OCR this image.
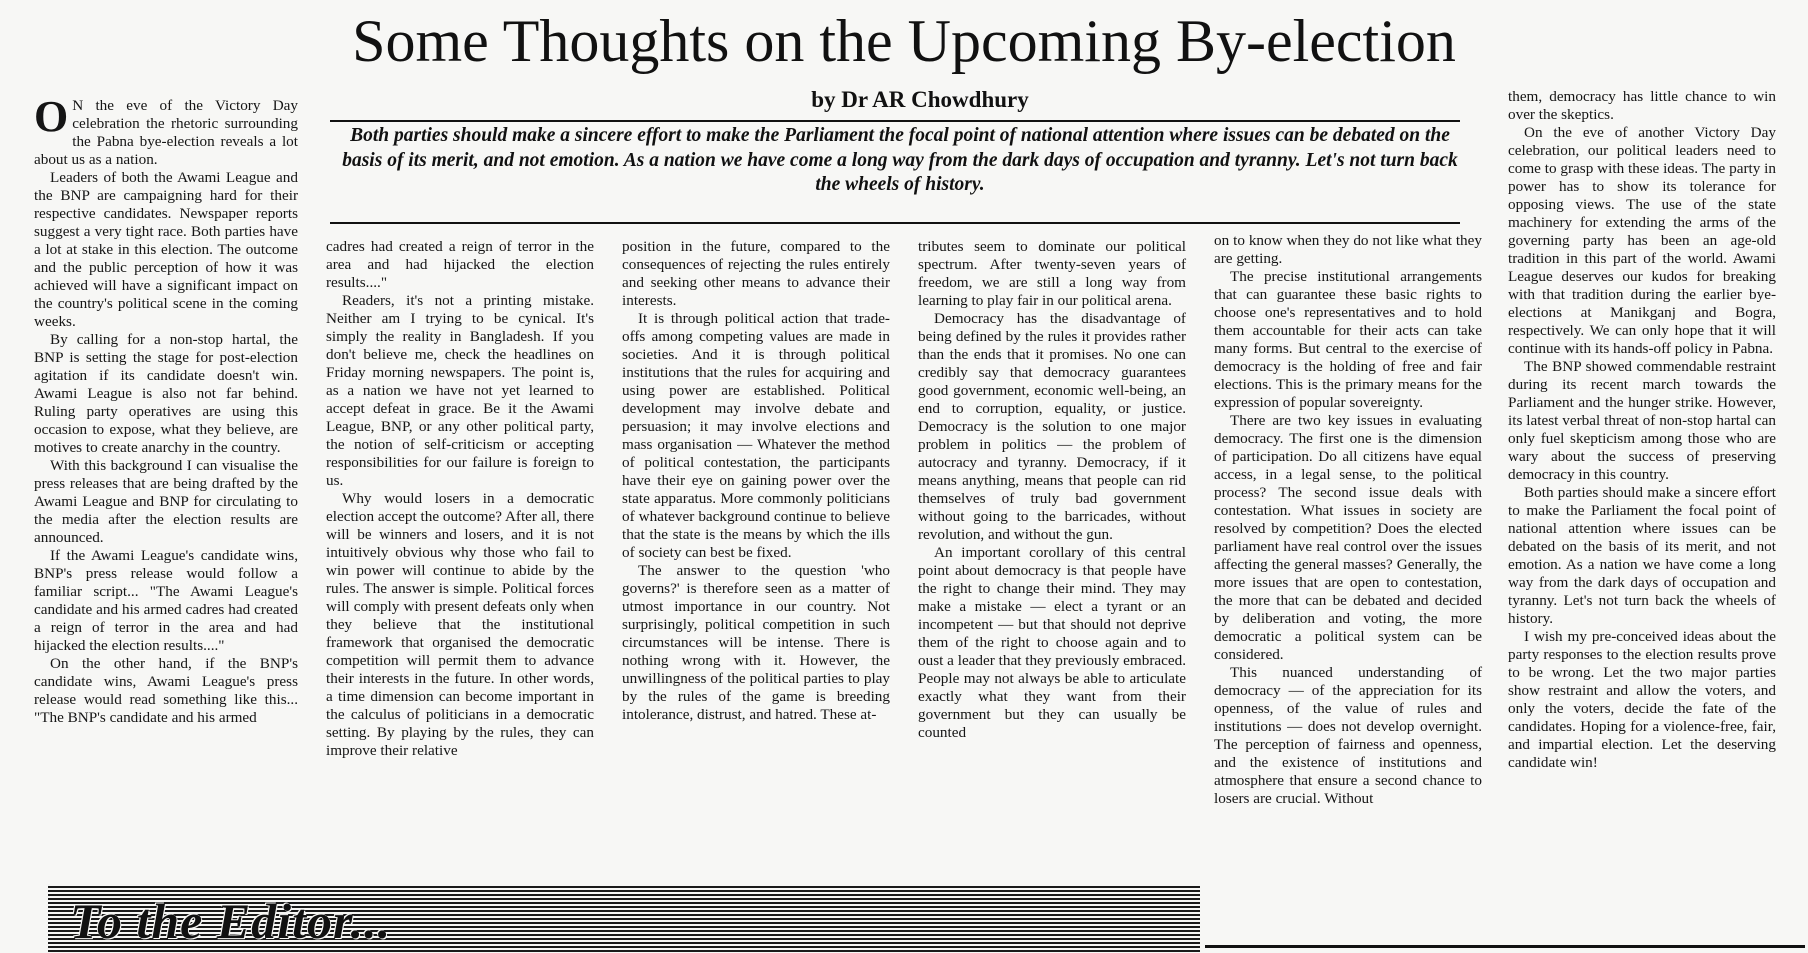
Some Thoughts on the Upcoming By-election
by Dr AR Chowdhury
Both parties should make a sincere effort to make the Parliament the focal point of national attention where issues can be debated on the basis of its merit, and not emotion. As a nation we have come a long way from the dark days of occupation and tyranny. Let's not turn back the wheels of history.

O N the eve of the Victory Day celebration the rhetoric surrounding the Pabna bye-election reveals a lot about us as a nation.

Leaders of both the Awami League and the BNP are campaigning hard for their respective candidates. Newspaper reports suggest a very tight race. Both parties have a lot at stake in this election. The outcome and the public perception of how it was achieved will have a significant impact on the country's political scene in the coming weeks.

By calling for a non-stop hartal, the BNP is setting the stage for post-election agitation if its candidate doesn't win. Awami League is also not far behind. Ruling party operatives are using this occasion to expose, what they believe, are motives to create anarchy in the country.

With this background I can visualise the press releases that are being drafted by the Awami League and BNP for circulating to the media after the election results are announced.

If the Awami League's candidate wins, BNP's press release would follow a familiar script... "The Awami League's candidate and his armed cadres had created a reign of terror in the area and had hijacked the election results...."

On the other hand, if the BNP's candidate wins, Awami League's press release would read something like this... "The BNP's candidate and his armed

cadres had created a reign of terror in the area and had hijacked the election results...."

Readers, it's not a printing mistake. Neither am I trying to be cynical. It's simply the reality in Bangladesh. If you don't believe me, check the headlines on Friday morning newspapers. The point is, as a nation we have not yet learned to accept defeat in grace. Be it the Awami League, BNP, or any other political party, the notion of self-criticism or accepting responsibilities for our failure is foreign to us.

Why would losers in a democratic election accept the outcome? After all, there will be winners and losers, and it is not intuitively obvious why those who fail to win power will continue to abide by the rules. The answer is simple. Political forces will comply with present defeats only when they believe that the institutional framework that organised the democratic competition will permit them to advance their interests in the future. In other words, a time dimension can become important in the calculus of politicians in a democratic setting. By playing by the rules, they can improve their relative

position in the future, compared to the consequences of rejecting the rules entirely and seeking other means to advance their interests.

It is through political action that trade-offs among competing values are made in societies. And it is through political institutions that the rules for acquiring and using power are established. Political development may involve debate and persuasion; it may involve elections and mass organisation — Whatever the method of political contestation, the participants have their eye on gaining power over the state apparatus. More commonly politicians of whatever background continue to believe that the state is the means by which the ills of society can best be fixed.

The answer to the question 'who governs?' is therefore seen as a matter of utmost importance in our country. Not surprisingly, political competition in such circumstances will be intense. There is nothing wrong with it. However, the unwillingness of the political parties to play by the rules of the game is breeding intolerance, distrust, and hatred. These at-

tributes seem to dominate our political spectrum. After twenty-seven years of freedom, we are still a long way from learning to play fair in our political arena.

Democracy has the disadvantage of being defined by the rules it provides rather than the ends that it promises. No one can credibly say that democracy guarantees good government, economic well-being, an end to corruption, equality, or justice. Democracy is the solution to one major problem in politics — the problem of autocracy and tyranny. Democracy, if it means anything, means that people can rid themselves of truly bad government without going to the barricades, without revolution, and without the gun.

An important corollary of this central point about democracy is that people have the right to change their mind. They may make a mistake — elect a tyrant or an incompetent — but that should not deprive them of the right to choose again and to oust a leader that they previously embraced. People may not always be able to articulate exactly what they want from their government but they can usually be counted

on to know when they do not like what they are getting.

The precise institutional arrangements that can guarantee these basic rights to choose one's representatives and to hold them accountable for their acts can take many forms. But central to the exercise of democracy is the holding of free and fair elections. This is the primary means for the expression of popular sovereignty.

There are two key issues in evaluating democracy. The first one is the dimension of participation. Do all citizens have equal access, in a legal sense, to the political process? The second issue deals with contestation. What issues in society are resolved by competition? Does the elected parliament have real control over the issues affecting the general masses? Generally, the more issues that are open to contestation, the more that can be debated and decided by deliberation and voting, the more democratic a political system can be considered.

This nuanced understanding of democracy — of the appreciation for its openness, of the value of rules and institutions — does not develop overnight. The perception of fairness and openness, and the existence of institutions and atmosphere that ensure a second chance to losers are crucial. Without

them, democracy has little chance to win over the skeptics.

On the eve of another Victory Day celebration, our political leaders need to come to grasp with these ideas. The party in power has to show its tolerance for opposing views. The use of the state machinery for extending the arms of the governing party has been an age-old tradition in this part of the world. Awami League deserves our kudos for breaking with that tradition during the earlier bye-elections at Manikganj and Bogra, respectively. We can only hope that it will continue with its hands-off policy in Pabna.

The BNP showed commendable restraint during its recent march towards the Parliament and the hunger strike. However, its latest verbal threat of non-stop hartal can only fuel skepticism among those who are wary about the success of preserving democracy in this country.

Both parties should make a sincere effort to make the Parliament the focal point of national attention where issues can be debated on the basis of its merit, and not emotion. As a nation we have come a long way from the dark days of occupation and tyranny. Let's not turn back the wheels of history.

I wish my pre-conceived ideas about the party responses to the election results prove to be wrong. Let the two major parties show restraint and allow the voters, and only the voters, decide the fate of the candidates. Hoping for a violence-free, fair, and impartial election. Let the deserving candidate win!

To the Editor...
